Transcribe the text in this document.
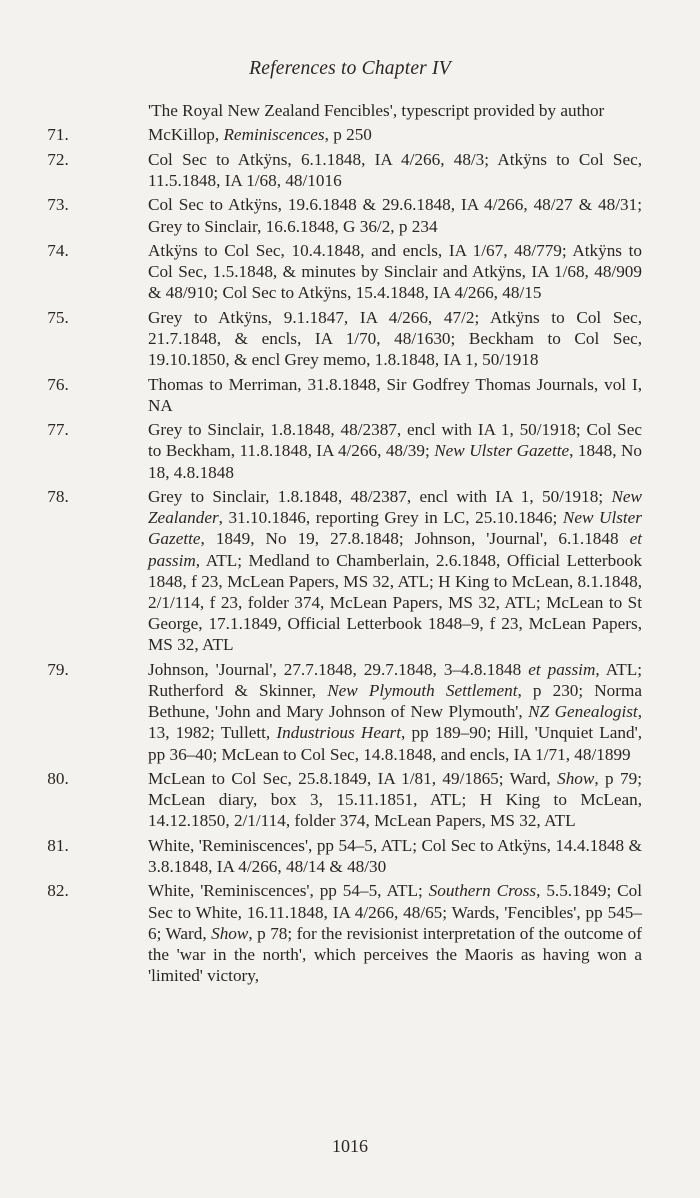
References to Chapter IV
'The Royal New Zealand Fencibles', typescript provided by author
71.	McKillop, Reminiscences, p 250
72.	Col Sec to Atkÿns, 6.1.1848, IA 4/266, 48/3; Atkÿns to Col Sec, 11.5.1848, IA 1/68, 48/1016
73.	Col Sec to Atkÿns, 19.6.1848 & 29.6.1848, IA 4/266, 48/27 & 48/31; Grey to Sinclair, 16.6.1848, G 36/2, p 234
74.	Atkÿns to Col Sec, 10.4.1848, and encls, IA 1/67, 48/779; Atkÿns to Col Sec, 1.5.1848, & minutes by Sinclair and Atkÿns, IA 1/68, 48/909 & 48/910; Col Sec to Atkÿns, 15.4.1848, IA 4/266, 48/15
75.	Grey to Atkÿns, 9.1.1847, IA 4/266, 47/2; Atkÿns to Col Sec, 21.7.1848, & encls, IA 1/70, 48/1630; Beckham to Col Sec, 19.10.1850, & encl Grey memo, 1.8.1848, IA 1, 50/1918
76.	Thomas to Merriman, 31.8.1848, Sir Godfrey Thomas Journals, vol I, NA
77.	Grey to Sinclair, 1.8.1848, 48/2387, encl with IA 1, 50/1918; Col Sec to Beckham, 11.8.1848, IA 4/266, 48/39; New Ulster Gazette, 1848, No 18, 4.8.1848
78.	Grey to Sinclair, 1.8.1848, 48/2387, encl with IA 1, 50/1918; New Zealander, 31.10.1846, reporting Grey in LC, 25.10.1846; New Ulster Gazette, 1849, No 19, 27.8.1848; Johnson, 'Journal', 6.1.1848 et passim, ATL; Medland to Chamberlain, 2.6.1848, Official Letterbook 1848, f 23, McLean Papers, MS 32, ATL; H King to McLean, 8.1.1848, 2/1/114, f 23, folder 374, McLean Papers, MS 32, ATL; McLean to St George, 17.1.1849, Official Letterbook 1848–9, f 23, McLean Papers, MS 32, ATL
79.	Johnson, 'Journal', 27.7.1848, 29.7.1848, 3–4.8.1848 et passim, ATL; Rutherford & Skinner, New Plymouth Settlement, p 230; Norma Bethune, 'John and Mary Johnson of New Plymouth', NZ Genealogist, 13, 1982; Tullett, Industrious Heart, pp 189–90; Hill, 'Unquiet Land', pp 36–40; McLean to Col Sec, 14.8.1848, and encls, IA 1/71, 48/1899
80.	McLean to Col Sec, 25.8.1849, IA 1/81, 49/1865; Ward, Show, p 79; McLean diary, box 3, 15.11.1851, ATL; H King to McLean, 14.12.1850, 2/1/114, folder 374, McLean Papers, MS 32, ATL
81.	White, 'Reminiscences', pp 54–5, ATL; Col Sec to Atkÿns, 14.4.1848 & 3.8.1848, IA 4/266, 48/14 & 48/30
82.	White, 'Reminiscences', pp 54–5, ATL; Southern Cross, 5.5.1849; Col Sec to White, 16.11.1848, IA 4/266, 48/65; Wards, 'Fencibles', pp 545–6; Ward, Show, p 78; for the revisionist interpretation of the outcome of the 'war in the north', which perceives the Maoris as having won a 'limited' victory,
1016
